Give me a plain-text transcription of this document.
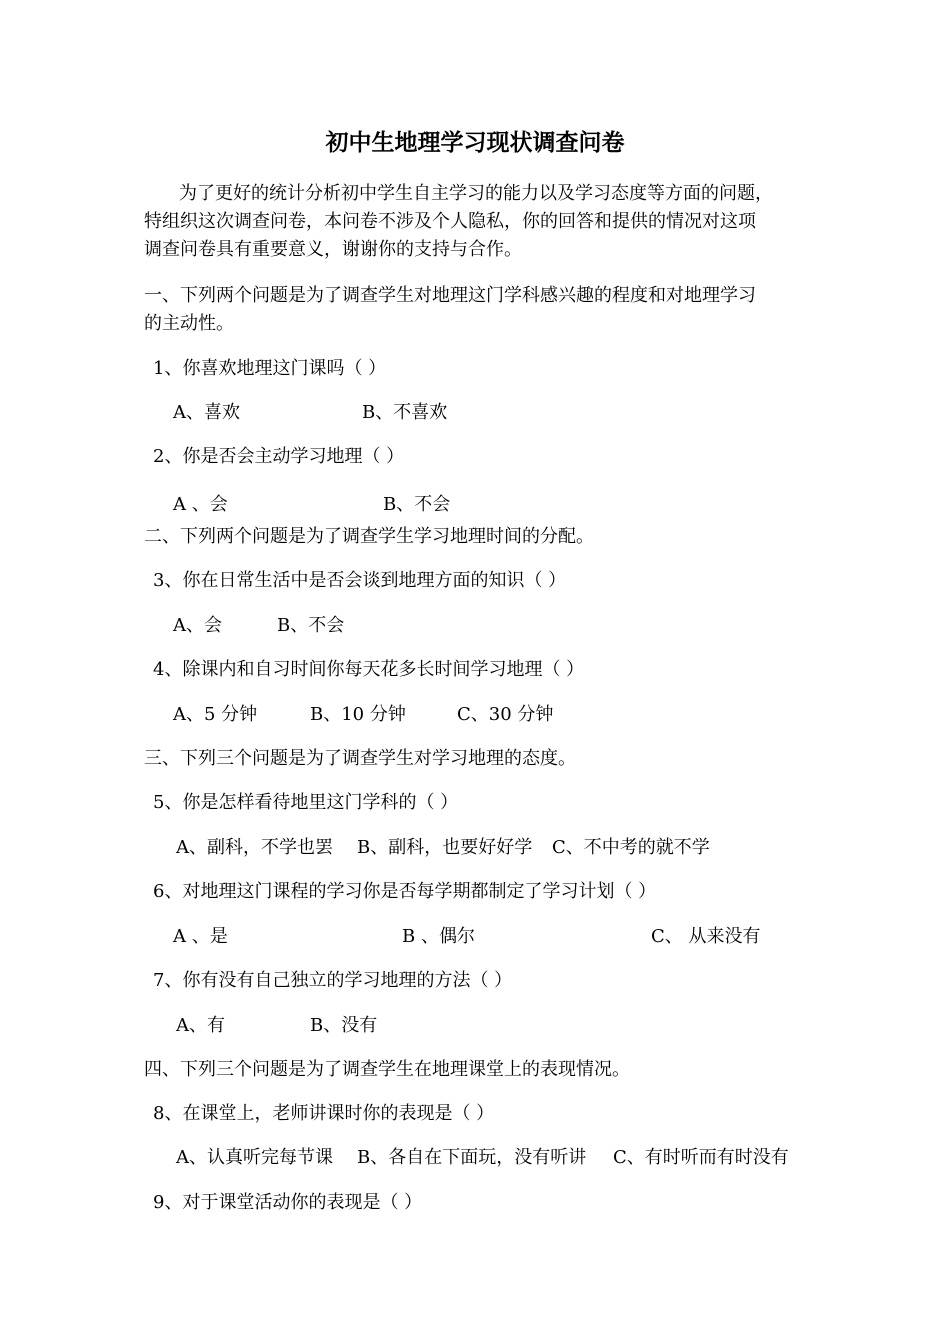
初中生地理学习现状调查问卷

为了更好的统计分析初中学生自主学习的能力以及学习态度等方面的问题，

特组织这次调查问卷，本问卷不涉及个人隐私，你的回答和提供的情况对这项

调查问卷具有重要意义，谢谢你的支持与合作。

一、下列两个问题是为了调查学生对地理这门学科感兴趣的程度和对地理学习

的主动性。

1、你喜欢地理这门课吗（ ）

A、喜欢	B、不喜欢

2、你是否会主动学习地理（ ）

A 、会	B、不会

二、下列两个问题是为了调查学生学习地理时间的分配。

3、你在日常生活中是否会谈到地理方面的知识（ ）

A、会	B、不会

4、除课内和自习时间你每天花多长时间学习地理（ ）

A、5 分钟	B、10 分钟	C、30 分钟

三、下列三个问题是为了调查学生对学习地理的态度。

5、你是怎样看待地里这门学科的（ ）

A、副科，不学也罢 B、副科，也要好好学 C、不中考的就不学

6、对地理这门课程的学习你是否每学期都制定了学习计划（ ）

A 、是	B 、偶尔	C、 从来没有

7、你有没有自己独立的学习地理的方法（ ）

A、有	B、没有

四、下列三个问题是为了调查学生在地理课堂上的表现情况。

8、在课堂上，老师讲课时你的表现是（ ）

A、认真听完每节课 B、各自在下面玩，没有听讲 C、有时听而有时没有

9、对于课堂活动你的表现是（ ）
